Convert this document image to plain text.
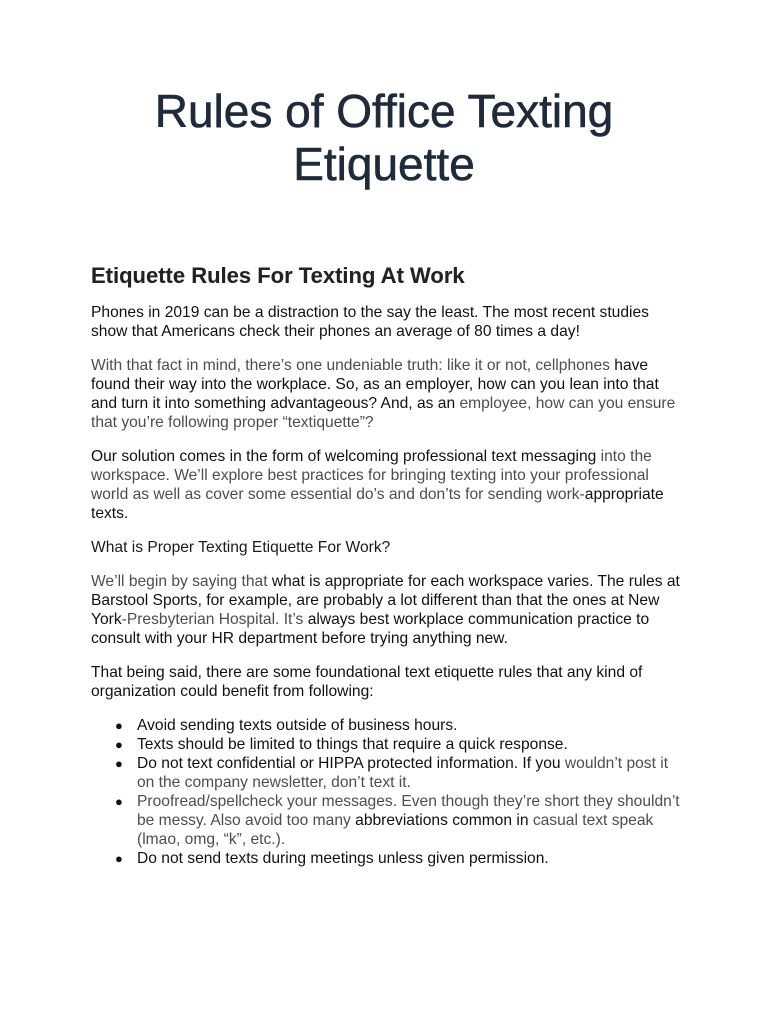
Rules of Office Texting
Etiquette
Etiquette Rules For Texting At Work

Phones in 2019 can be a distraction to the say the least. The most recent studies show that Americans check their phones an average of 80 times a day!

With that fact in mind, there’s one undeniable truth: like it or not, cellphones have found their way into the workplace. So, as an employer, how can you lean into that and turn it into something advantageous? And, as an employee, how can you ensure that you’re following proper “textiquette”?

Our solution comes in the form of welcoming professional text messaging into the workspace. We’ll explore best practices for bringing texting into your professional world as well as cover some essential do’s and don’ts for sending work-appropriate texts.

What is Proper Texting Etiquette For Work?

We’ll begin by saying that what is appropriate for each workspace varies. The rules at Barstool Sports, for example, are probably a lot different than that the ones at New York-Presbyterian Hospital. It’s always best workplace communication practice to consult with your HR department before trying anything new.

That being said, there are some foundational text etiquette rules that any kind of organization could benefit from following:

● Avoid sending texts outside of business hours.
● Texts should be limited to things that require a quick response.
● Do not text confidential or HIPPA protected information. If you wouldn’t post it on the company newsletter, don’t text it.
● Proofread/spellcheck your messages. Even though they’re short they shouldn’t be messy. Also avoid too many abbreviations common in casual text speak (lmao, omg, “k”, etc.).
● Do not send texts during meetings unless given permission.
